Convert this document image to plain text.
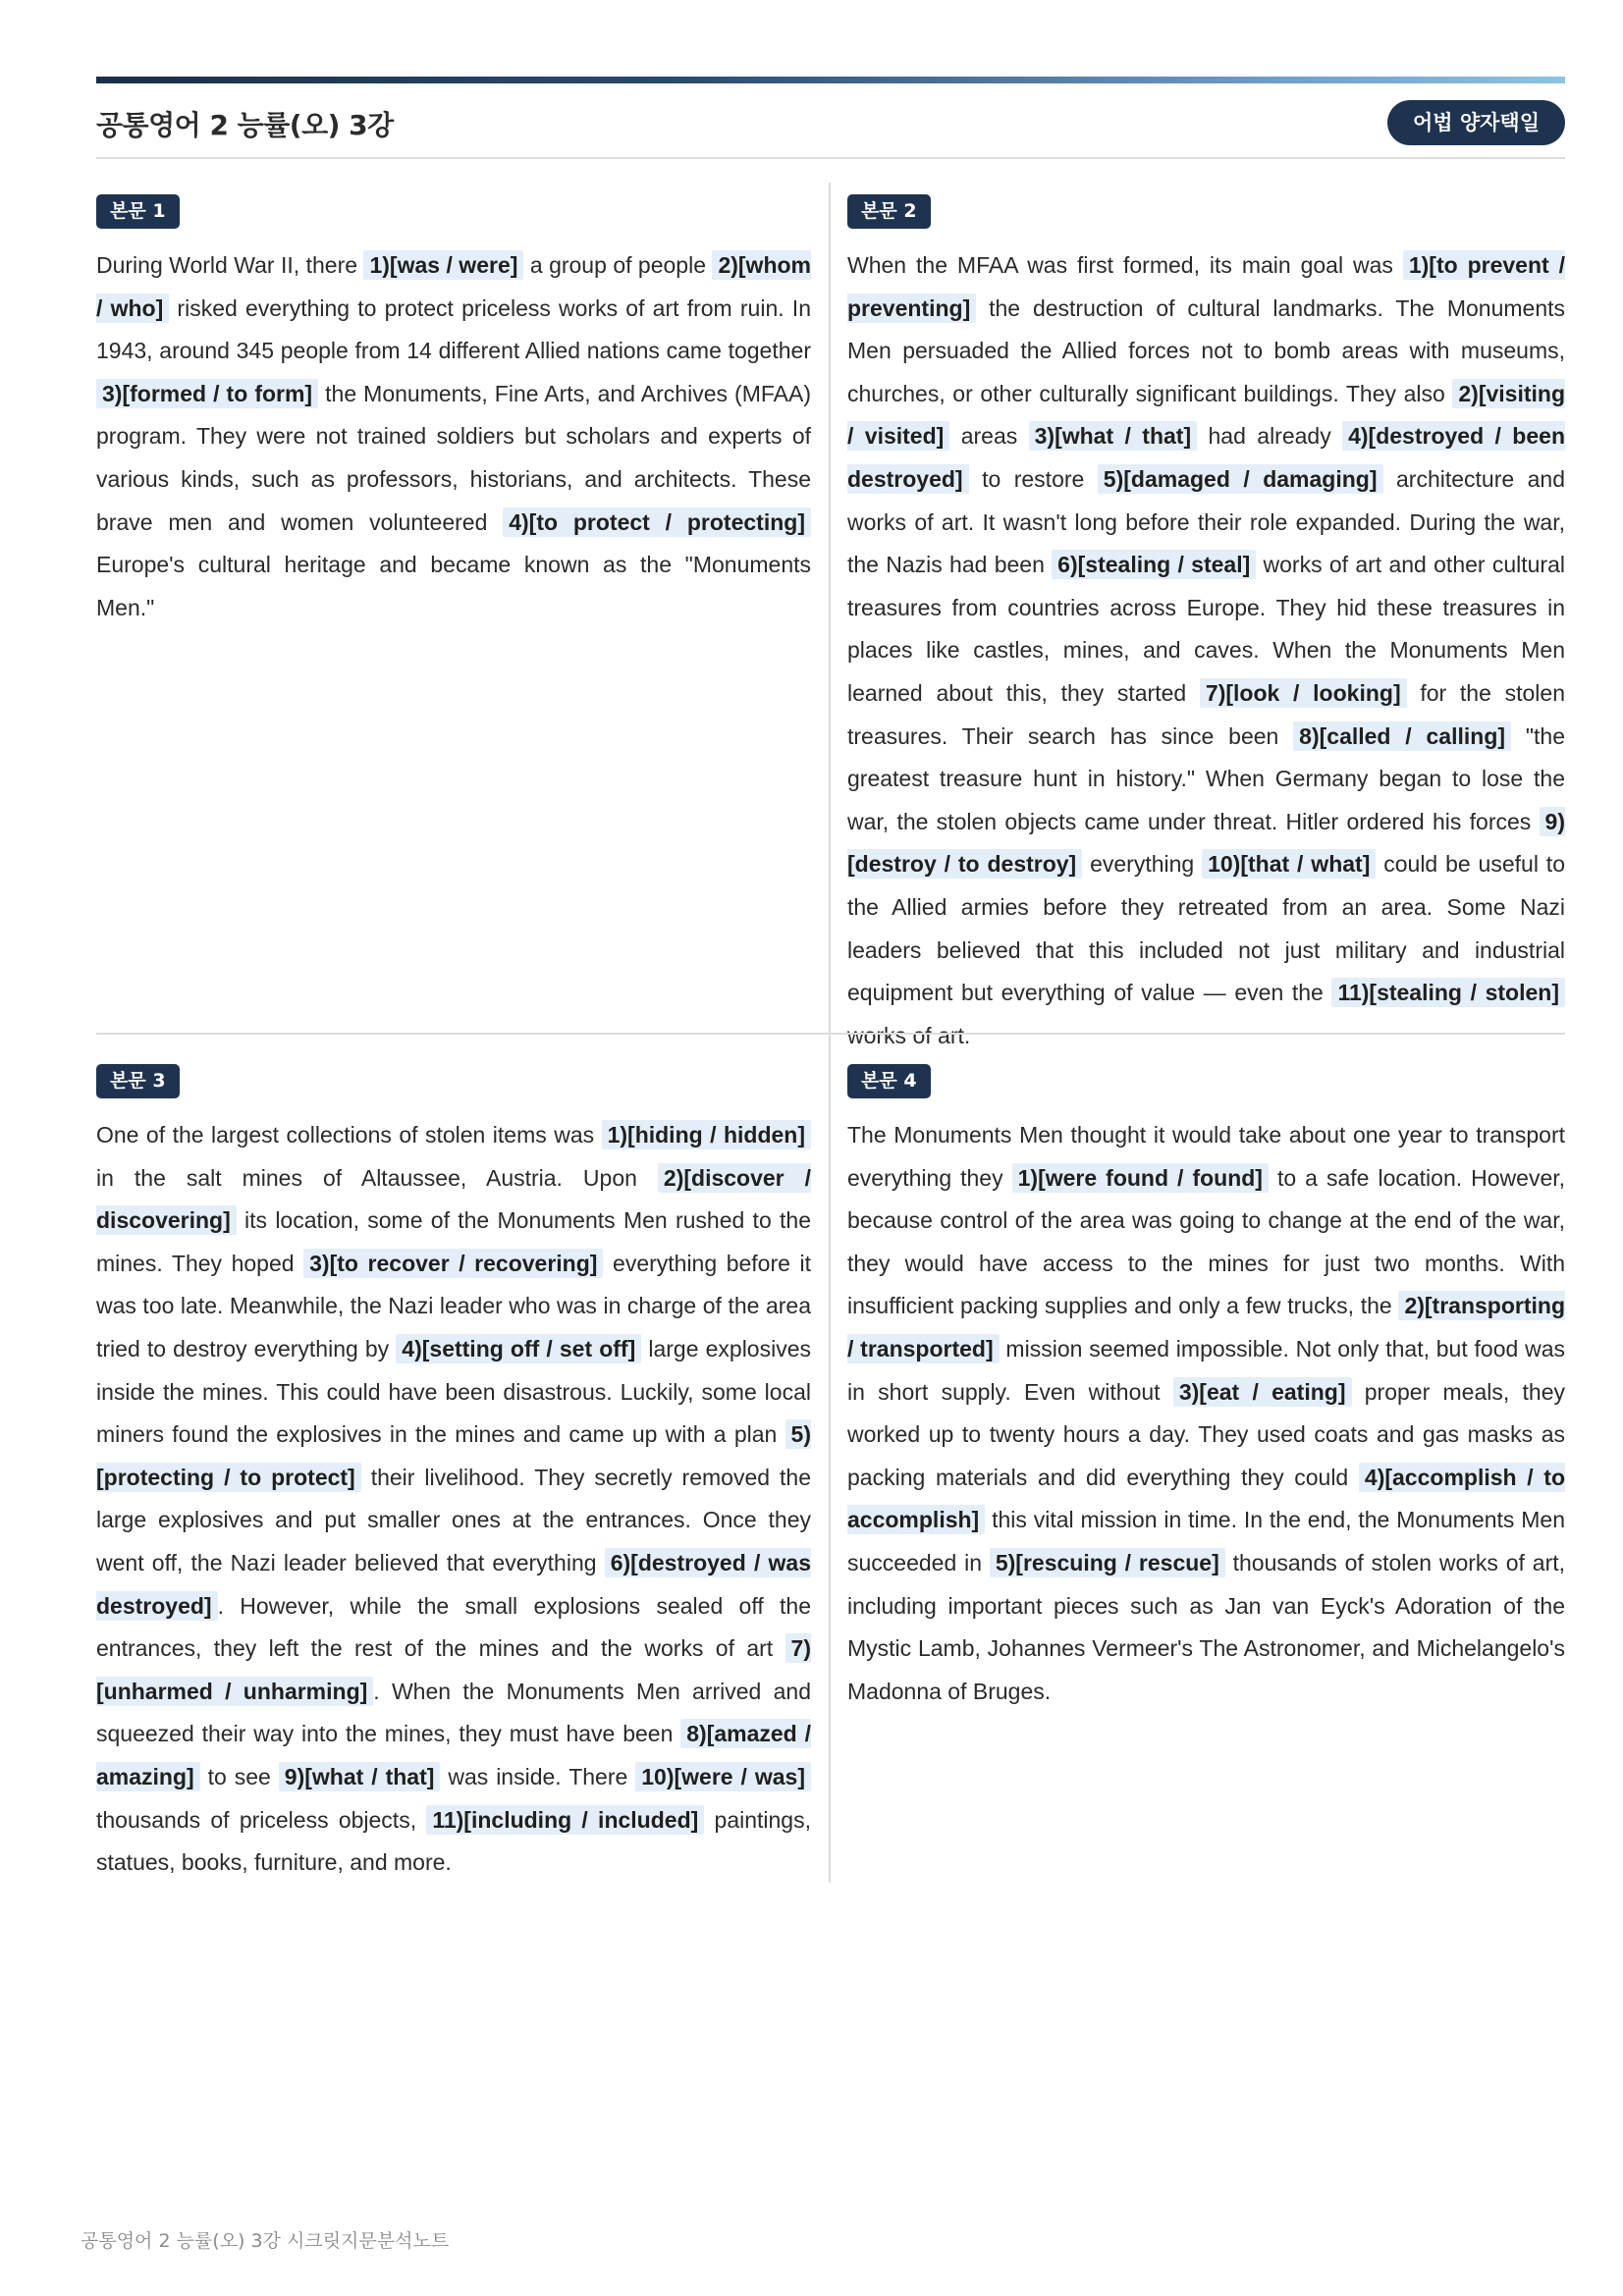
공통영어 2 능률(오) 3강	어법 양자택일
본문 1
During World War II, there 1)[was / were] a group of people 2)[whom / who] risked everything to protect priceless works of art from ruin. In 1943, around 345 people from 14 different Allied nations came together 3)[formed / to form] the Monuments, Fine Arts, and Archives (MFAA) program. They were not trained soldiers but scholars and experts of various kinds, such as professors, historians, and architects. These brave men and women volunteered 4)[to protect / protecting] Europe's cultural heritage and became known as the "Monuments Men."
본문 2
When the MFAA was first formed, its main goal was 1)[to prevent / preventing] the destruction of cultural landmarks. The Monuments Men persuaded the Allied forces not to bomb areas with museums, churches, or other culturally significant buildings. They also 2)[visiting / visited] areas 3)[what / that] had already 4)[destroyed / been destroyed] to restore 5)[damaged / damaging] architecture and works of art. It wasn't long before their role expanded. During the war, the Nazis had been 6)[stealing / steal] works of art and other cultural treasures from countries across Europe. They hid these treasures in places like castles, mines, and caves. When the Monuments Men learned about this, they started 7)[look / looking] for the stolen treasures. Their search has since been 8)[called / calling] "the greatest treasure hunt in history." When Germany began to lose the war, the stolen objects came under threat. Hitler ordered his forces 9)[destroy / to destroy] everything 10)[that / what] could be useful to the Allied armies before they retreated from an area. Some Nazi leaders believed that this included not just military and industrial equipment but everything of value — even the 11)[stealing / stolen] works of art.
본문 3
One of the largest collections of stolen items was 1)[hiding / hidden] in the salt mines of Altaussee, Austria. Upon 2)[discover / discovering] its location, some of the Monuments Men rushed to the mines. They hoped 3)[to recover / recovering] everything before it was too late. Meanwhile, the Nazi leader who was in charge of the area tried to destroy everything by 4)[setting off / set off] large explosives inside the mines. This could have been disastrous. Luckily, some local miners found the explosives in the mines and came up with a plan 5)[protecting / to protect] their livelihood. They secretly removed the large explosives and put smaller ones at the entrances. Once they went off, the Nazi leader believed that everything 6)[destroyed / was destroyed] . However, while the small explosions sealed off the entrances, they left the rest of the mines and the works of art 7)[unharmed / unharming] . When the Monuments Men arrived and squeezed their way into the mines, they must have been 8)[amazed / amazing] to see 9)[what / that] was inside. There 10)[were / was] thousands of priceless objects, 11)[including / included] paintings, statues, books, furniture, and more.
본문 4
The Monuments Men thought it would take about one year to transport everything they 1)[were found / found] to a safe location. However, because control of the area was going to change at the end of the war, they would have access to the mines for just two months. With insufficient packing supplies and only a few trucks, the 2)[transporting / transported] mission seemed impossible. Not only that, but food was in short supply. Even without 3)[eat / eating] proper meals, they worked up to twenty hours a day. They used coats and gas masks as packing materials and did everything they could 4)[accomplish / to accomplish] this vital mission in time. In the end, the Monuments Men succeeded in 5)[rescuing / rescue] thousands of stolen works of art, including important pieces such as Jan van Eyck's Adoration of the Mystic Lamb, Johannes Vermeer's The Astronomer, and Michelangelo's Madonna of Bruges.
공통영어 2 능률(오) 3강 시크릿지문분석노트
